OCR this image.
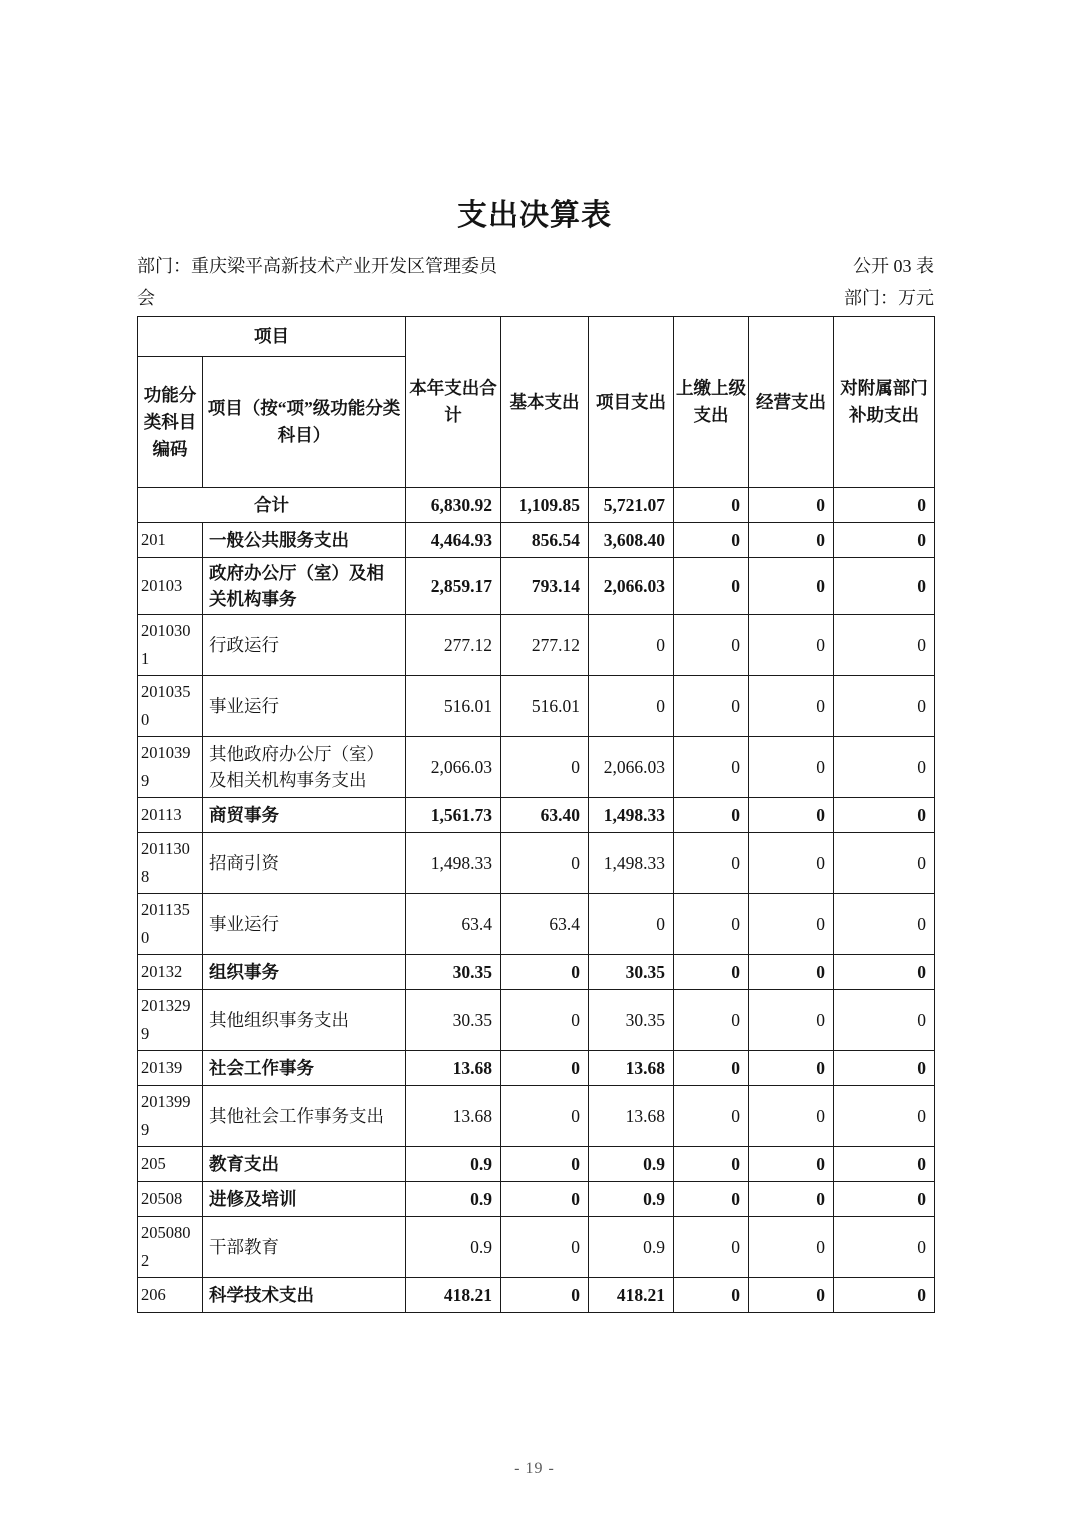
支出决算表
部门：重庆梁平高新技术产业开发区管理委员	公开 03 表
会	部门：万元
项目		本年支出合计	基本支出	项目支出	上缴上级支出	经营支出	对附属部门补助支出
功能分类科目编码	项目（按“项”级功能分类科目）						
合计		6,830.92	1,109.85	5,721.07	0	0	0
201	一般公共服务支出	4,464.93	856.54	3,608.40	0	0	0
20103	政府办公厅（室）及相关机构事务	2,859.17	793.14	2,066.03	0	0	0
2010301	行政运行	277.12	277.12	0	0	0	0
2010350	事业运行	516.01	516.01	0	0	0	0
2010399	其他政府办公厅（室）及相关机构事务支出	2,066.03	0	2,066.03	0	0	0
20113	商贸事务	1,561.73	63.40	1,498.33	0	0	0
2011308	招商引资	1,498.33	0	1,498.33	0	0	0
2011350	事业运行	63.4	63.4	0	0	0	0
20132	组织事务	30.35	0	30.35	0	0	0
2013299	其他组织事务支出	30.35	0	30.35	0	0	0
20139	社会工作事务	13.68	0	13.68	0	0	0
2013999	其他社会工作事务支出	13.68	0	13.68	0	0	0
205	教育支出	0.9	0	0.9	0	0	0
20508	进修及培训	0.9	0	0.9	0	0	0
2050802	干部教育	0.9	0	0.9	0	0	0
206	科学技术支出	418.21	0	418.21	0	0	0
- 19 -
